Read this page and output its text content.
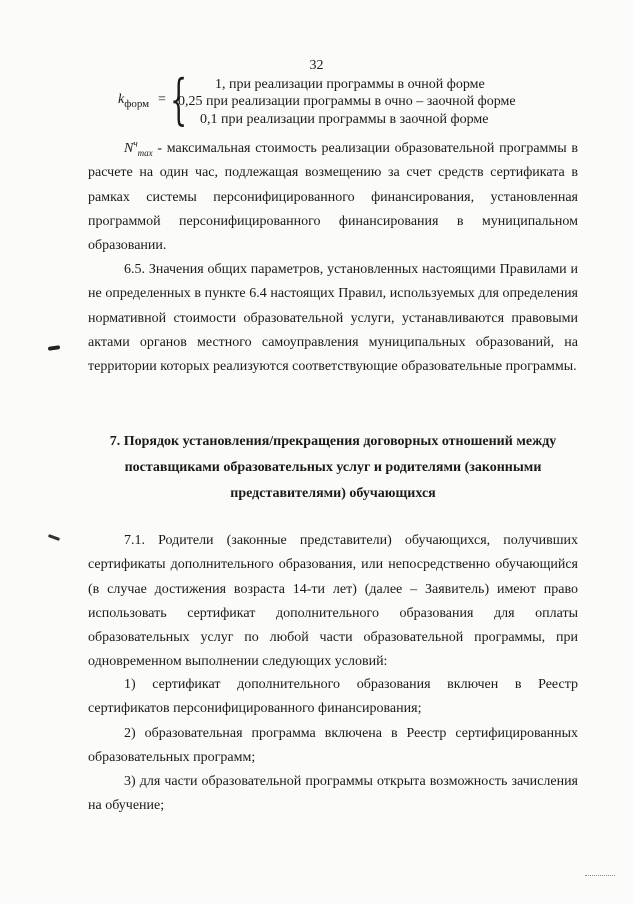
32
$k_{форм}$ = { 1, при реализации программы в очной форме
0,25 при реализации программы в очно – заочной форме
0,1 при реализации программы в заочной форме
$N^ч_{max}$ - максимальная стоимость реализации образовательной программы в расчете на один час, подлежащая возмещению за счет средств сертификата в рамках системы персонифицированного финансирования, установленная программой персонифицированного финансирования в муниципальном образовании.
6.5. Значения общих параметров, установленных настоящими Правилами и не определенных в пункте 6.4 настоящих Правил, используемых для определения нормативной стоимости образовательной услуги, устанавливаются правовыми актами органов местного самоуправления муниципальных образований, на территории которых реализуются соответствующие образовательные программы.
7. Порядок установления/прекращения договорных отношений между поставщиками образовательных услуг и родителями (законными представителями) обучающихся
7.1. Родители (законные представители) обучающихся, получивших сертификаты дополнительного образования, или непосредственно обучающийся (в случае достижения возраста 14-ти лет) (далее – Заявитель) имеют право использовать сертификат дополнительного образования для оплаты образовательных услуг по любой части образовательной программы, при одновременном выполнении следующих условий:
1) сертификат дополнительного образования включен в Реестр сертификатов персонифицированного финансирования;
2) образовательная программа включена в Реестр сертифицированных образовательных программ;
3) для части образовательной программы открыта возможность зачисления на обучение;
